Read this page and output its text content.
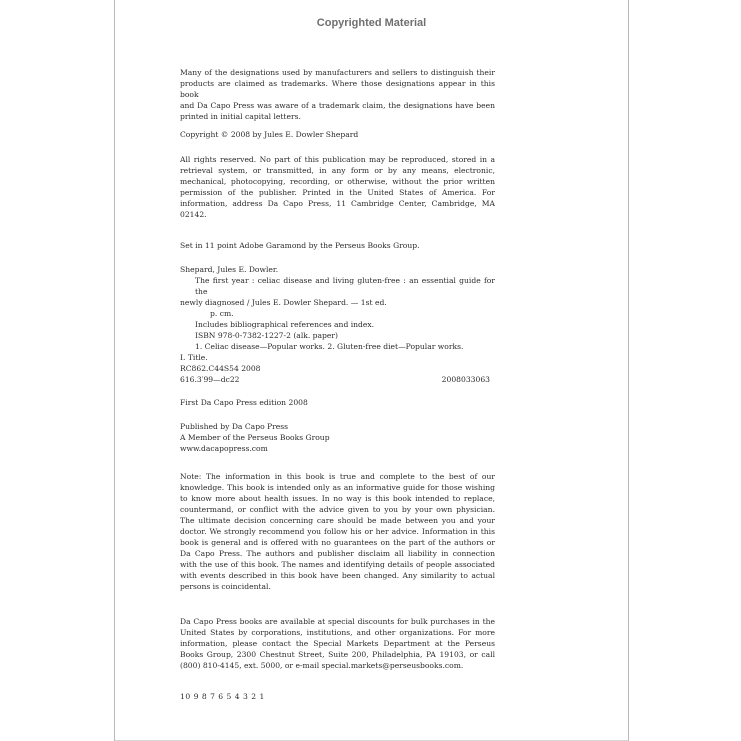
Copyrighted Material

Many of the designations used by manufacturers and sellers to distinguish their

products are claimed as trademarks. Where those designations appear in this book

and Da Capo Press was aware of a trademark claim, the designations have been

printed in initial capital letters.

Copyright © 2008 by Jules E. Dowler Shepard

All rights reserved. No part of this publication may be reproduced, stored in a

retrieval system, or transmitted, in any form or by any means, electronic,

mechanical, photocopying, recording, or otherwise, without the prior written

permission of the publisher. Printed in the United States of America. For

information, address Da Capo Press, 11 Cambridge Center, Cambridge, MA

02142.

Set in 11 point Adobe Garamond by the Perseus Books Group.

Shepard, Jules E. Dowler.

The first year : celiac disease and living gluten-free : an essential guide for the

newly diagnosed / Jules E. Dowler Shepard. — 1st ed.

p. cm.

Includes bibliographical references and index.

ISBN 978-0-7382-1227-2 (alk. paper)

1. Celiac disease—Popular works. 2. Gluten-free diet—Popular works.

I. Title.

RC862.C44S54 2008

616.3′99—dc22	2008033063

First Da Capo Press edition 2008

Published by Da Capo Press

A Member of the Perseus Books Group

www.dacapopress.com

Note: The information in this book is true and complete to the best of our

knowledge. This book is intended only as an informative guide for those wishing

to know more about health issues. In no way is this book intended to replace,

countermand, or conflict with the advice given to you by your own physician.

The ultimate decision concerning care should be made between you and your

doctor. We strongly recommend you follow his or her advice. Information in this

book is general and is offered with no guarantees on the part of the authors or

Da Capo Press. The authors and publisher disclaim all liability in connection

with the use of this book. The names and identifying details of people associated

with events described in this book have been changed. Any similarity to actual

persons is coincidental.

Da Capo Press books are available at special discounts for bulk purchases in the

United States by corporations, institutions, and other organizations. For more

information, please contact the Special Markets Department at the Perseus

Books Group, 2300 Chestnut Street, Suite 200, Philadelphia, PA 19103, or call

(800) 810-4145, ext. 5000, or e-mail special.markets@perseusbooks.com.

10 9 8 7 6 5 4 3 2 1
